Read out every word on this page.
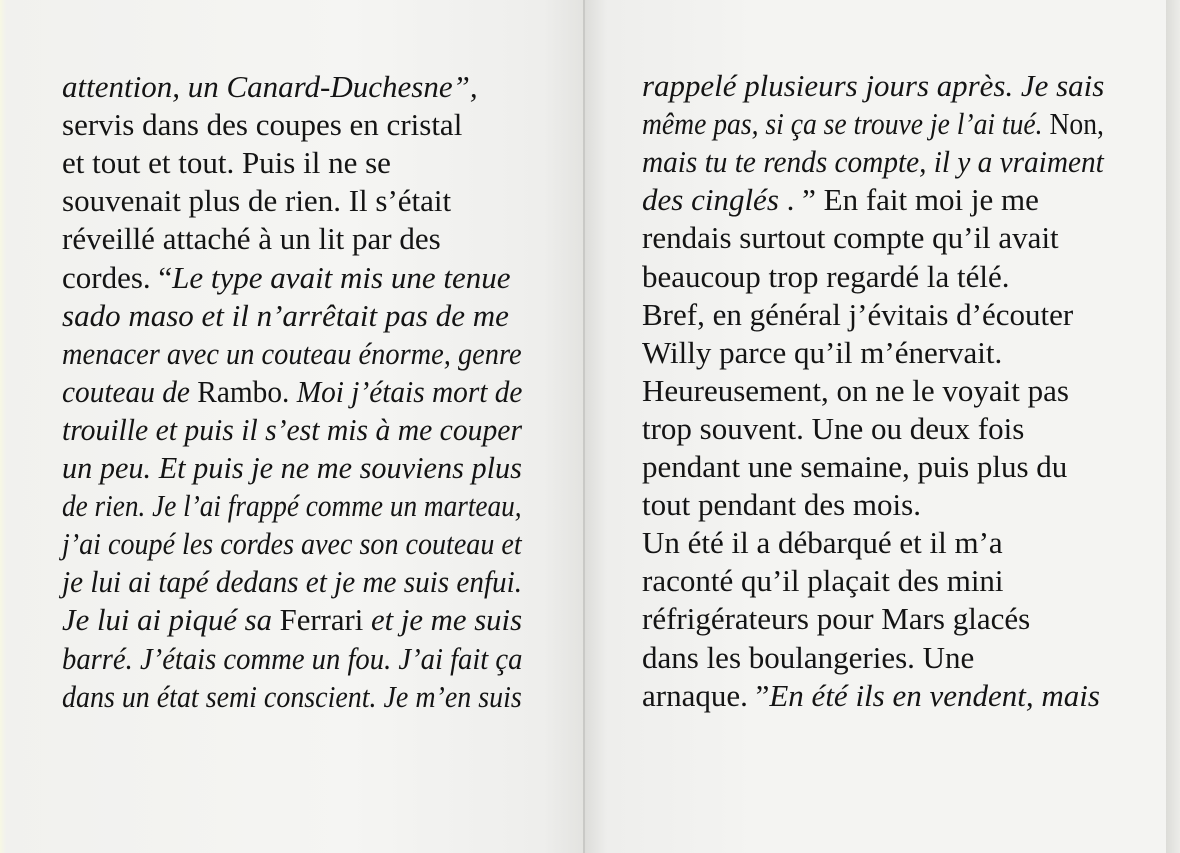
attention, un Canard-Duchesne”,
servis dans des coupes en cristal
et tout et tout. Puis il ne se
souvenait plus de rien. Il s’était
réveillé attaché à un lit par des
cordes. “Le type avait mis une tenue
sado maso et il n’arrêtait pas de me
menacer avec un couteau énorme, genre
couteau de Rambo. Moi j’étais mort de
trouille et puis il s’est mis à me couper
un peu. Et puis je ne me souviens plus
de rien. Je l’ai frappé comme un marteau,
j’ai coupé les cordes avec son couteau et
je lui ai tapé dedans et je me suis enfui.
Je lui ai piqué sa Ferrari et je me suis
barré. J’étais comme un fou. J’ai fait ça
dans un état semi conscient. Je m’en suis
rappelé plusieurs jours après. Je sais
même pas, si ça se trouve je l’ai tué. Non,
mais tu te rends compte, il y a vraiment
des cinglés . ” En fait moi je me
rendais surtout compte qu’il avait
beaucoup trop regardé la télé.
Bref, en général j’évitais d’écouter
Willy parce qu’il m’énervait.
Heureusement, on ne le voyait pas
trop souvent. Une ou deux fois
pendant une semaine, puis plus du
tout pendant des mois.
Un été il a débarqué et il m’a
raconté qu’il plaçait des mini
réfrigérateurs pour Mars glacés
dans les boulangeries. Une
arnaque. ”En été ils en vendent, mais
